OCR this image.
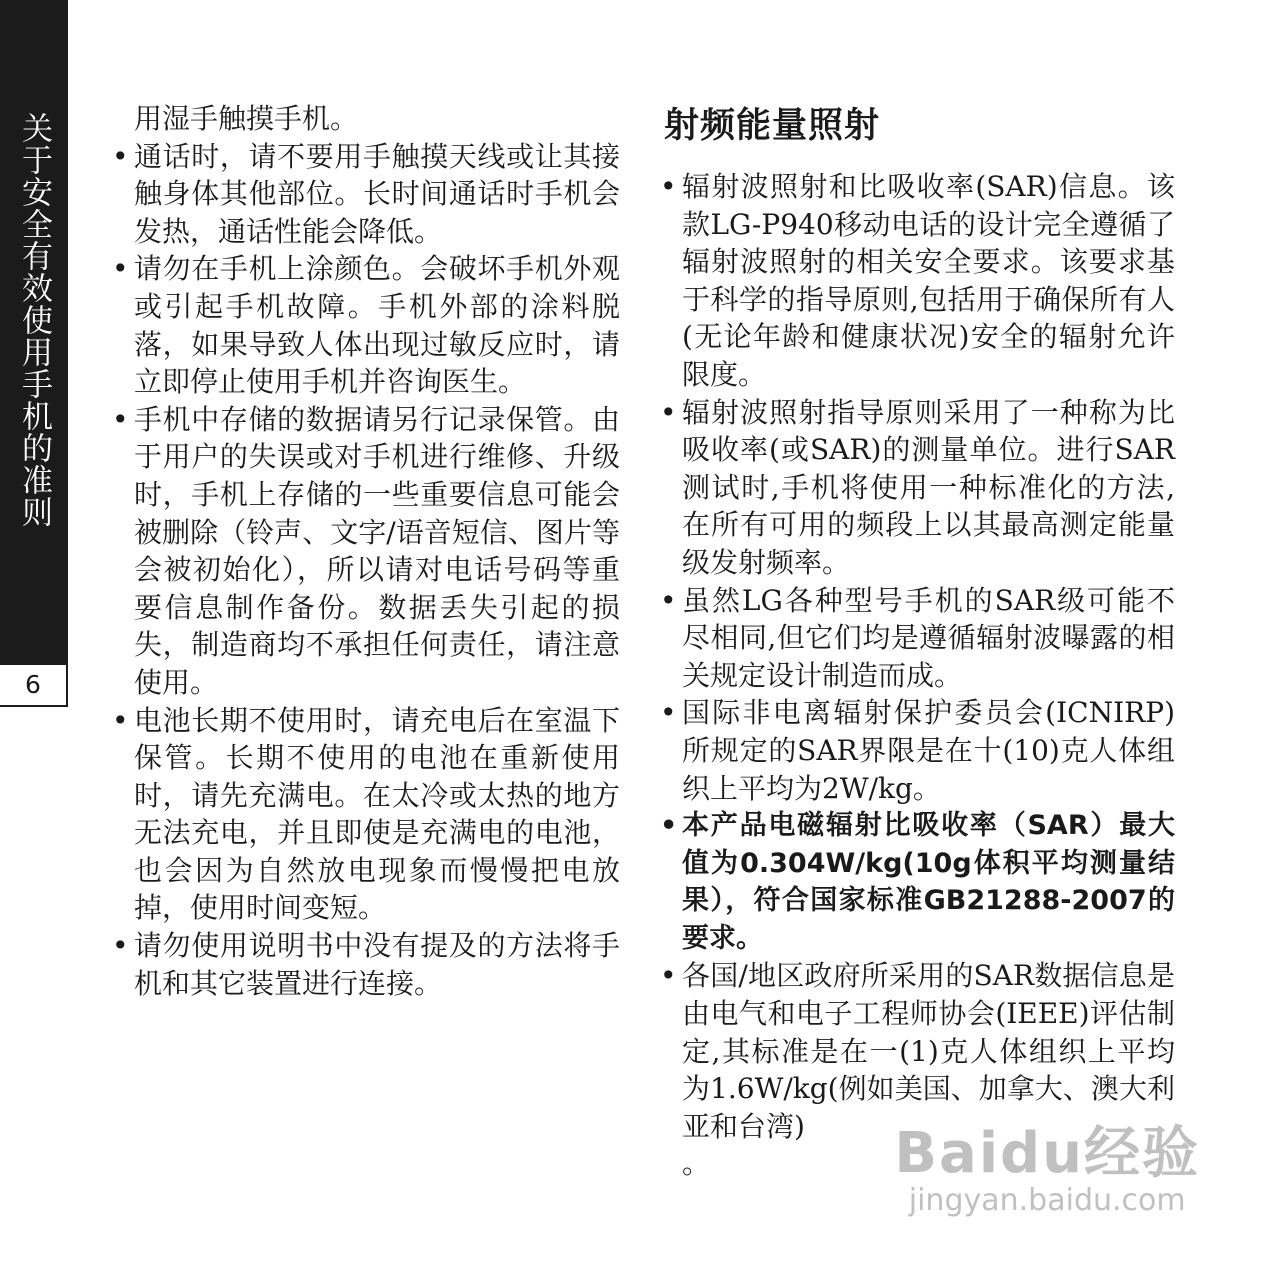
关于安全有效使用手机的准则
6

用湿手触摸手机。

• 通话时，请不要用手触摸天线或让其接触身体其他部位。长时间通话时手机会发热，通话性能会降低。

• 请勿在手机上涂颜色。会破坏手机外观或引起手机故障。手机外部的涂料脱落，如果导致人体出现过敏反应时，请立即停止使用手机并咨询医生。

• 手机中存储的数据请另行记录保管。由于用户的失误或对手机进行维修、升级时，手机上存储的一些重要信息可能会被删除（铃声、文字/语音短信、图片等会被初始化），所以请对电话号码等重要信息制作备份。数据丢失引起的损失，制造商均不承担任何责任，请注意使用。

• 电池长期不使用时，请充电后在室温下保管。长期不使用的电池在重新使用时，请先充满电。在太冷或太热的地方无法充电，并且即使是充满电的电池，也会因为自然放电现象而慢慢把电放掉，使用时间变短。

• 请勿使用说明书中没有提及的方法将手机和其它装置进行连接。

射频能量照射
• 辐射波照射和比吸收率(SAR)信息。该款LG-P940移动电话的设计完全遵循了辐射波照射的相关安全要求。该要求基于科学的指导原则,包括用于确保所有人(无论年龄和健康状况)安全的辐射允许限度。

• 辐射波照射指导原则采用了一种称为比吸收率(或SAR)的测量单位。进行SAR测试时,手机将使用一种标准化的方法,在所有可用的频段上以其最高测定能量级发射频率。

• 虽然LG各种型号手机的SAR级可能不尽相同,但它们均是遵循辐射波曝露的相关规定设计制造而成。

• 国际非电离辐射保护委员会(ICNIRP)所规定的SAR界限是在十(10)克人体组织上平均为2W/kg。

• 本产品电磁辐射比吸收率（SAR）最大值为0.304W/kg(10g体积平均测量结果），符合国家标准GB21288-2007的要求。

• 各国/地区政府所采用的SAR数据信息是由电气和电子工程师协会(IEEE)评估制定,其标准是在一(1)克人体组织上平均为1.6W/kg(例如美国、加拿大、澳大利亚和台湾)

。	Baidu经验
jingyan.baidu.com
